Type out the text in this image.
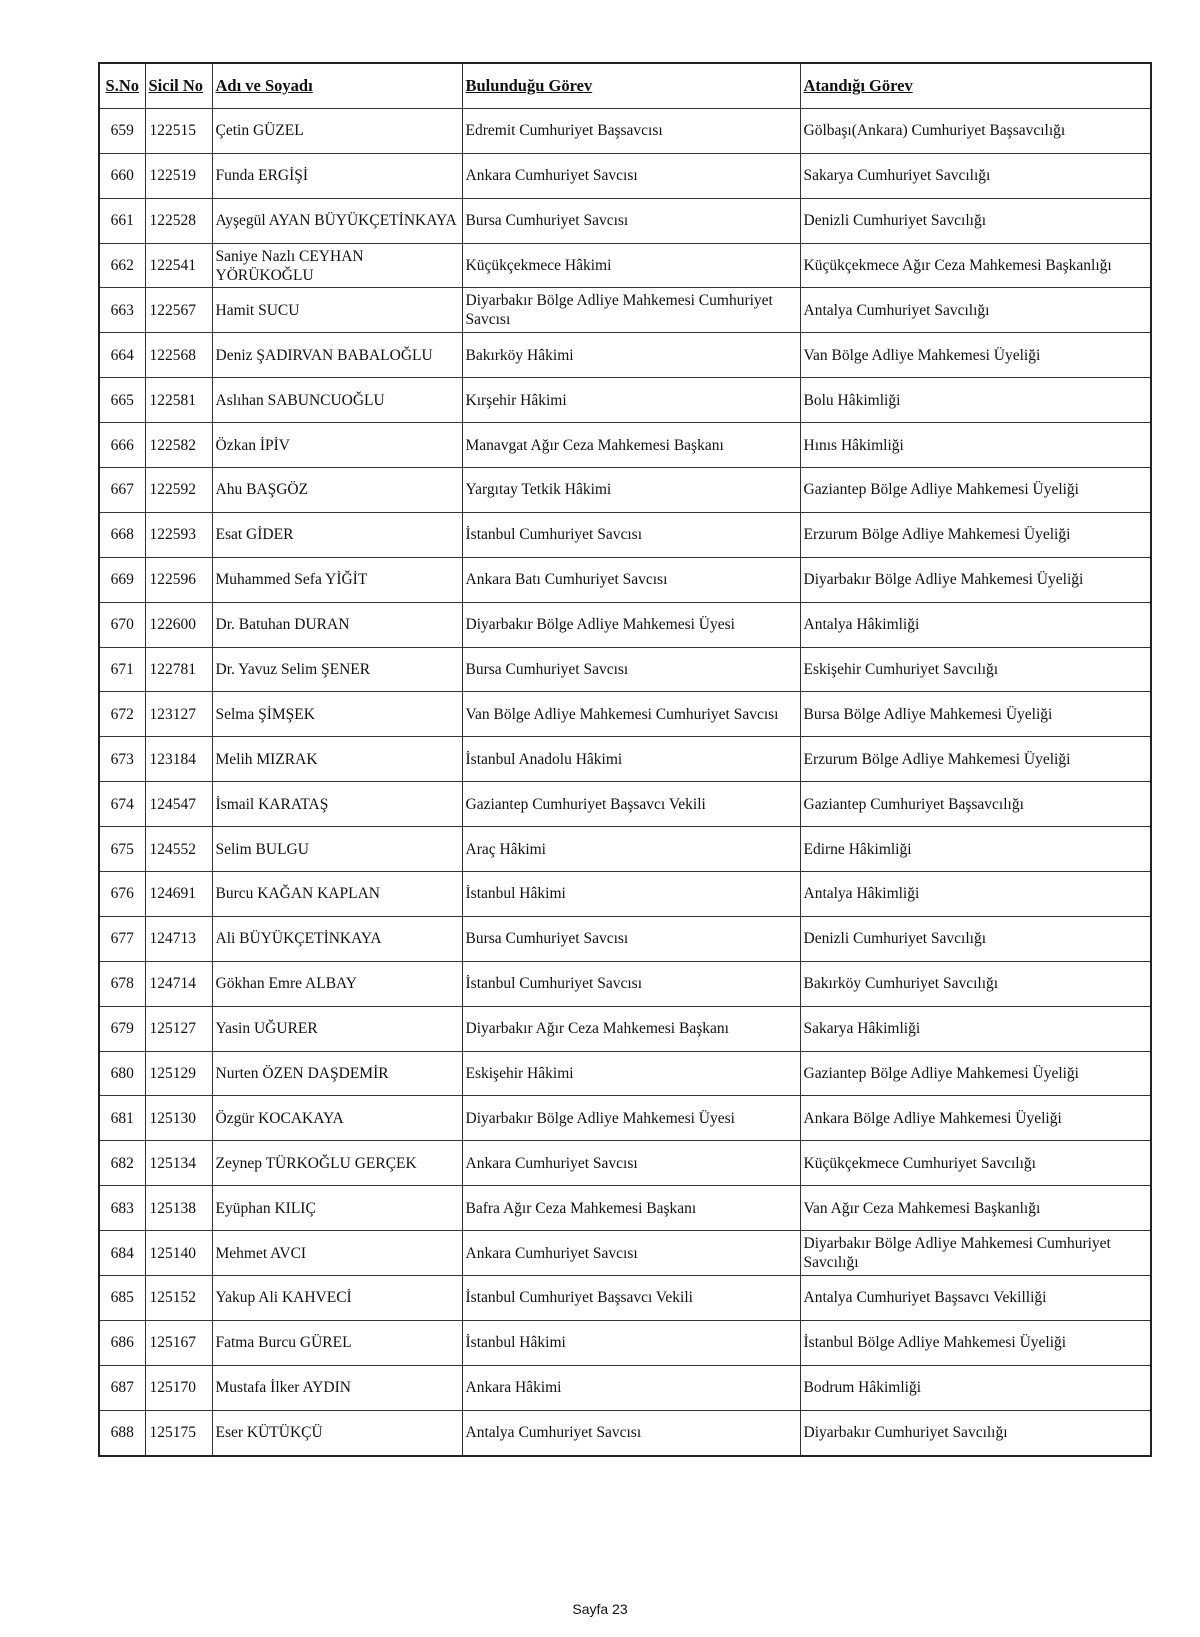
S.No	Sicil No	Adı ve Soyadı	Bulunduğu Görev	Atandığı Görev
659	122515	Çetin GÜZEL	Edremit Cumhuriyet Başsavcısı	Gölbaşı(Ankara) Cumhuriyet Başsavcılığı
660	122519	Funda ERGİŞİ	Ankara Cumhuriyet Savcısı	Sakarya Cumhuriyet Savcılığı
661	122528	Ayşegül AYAN BÜYÜKÇETİNKAYA	Bursa Cumhuriyet Savcısı	Denizli Cumhuriyet Savcılığı
662	122541	Saniye Nazlı CEYHAN YÖRÜKOĞLU	Küçükçekmece Hâkimi	Küçükçekmece Ağır Ceza Mahkemesi Başkanlığı
663	122567	Hamit SUCU	Diyarbakır Bölge Adliye Mahkemesi Cumhuriyet Savcısı	Antalya Cumhuriyet Savcılığı
664	122568	Deniz ŞADIRVAN BABALOĞLU	Bakırköy Hâkimi	Van Bölge Adliye Mahkemesi Üyeliği
665	122581	Aslıhan SABUNCUOĞLU	Kırşehir Hâkimi	Bolu Hâkimliği
666	122582	Özkan İPİV	Manavgat Ağır Ceza Mahkemesi Başkanı	Hınıs Hâkimliği
667	122592	Ahu BAŞGÖZ	Yargıtay Tetkik Hâkimi	Gaziantep Bölge Adliye Mahkemesi Üyeliği
668	122593	Esat GİDER	İstanbul Cumhuriyet Savcısı	Erzurum Bölge Adliye Mahkemesi Üyeliği
669	122596	Muhammed Sefa YİĞİT	Ankara Batı Cumhuriyet Savcısı	Diyarbakır Bölge Adliye Mahkemesi Üyeliği
670	122600	Dr. Batuhan DURAN	Diyarbakır Bölge Adliye Mahkemesi Üyesi	Antalya Hâkimliği
671	122781	Dr. Yavuz Selim ŞENER	Bursa Cumhuriyet Savcısı	Eskişehir Cumhuriyet Savcılığı
672	123127	Selma ŞİMŞEK	Van Bölge Adliye Mahkemesi Cumhuriyet Savcısı	Bursa Bölge Adliye Mahkemesi Üyeliği
673	123184	Melih MIZRAK	İstanbul Anadolu Hâkimi	Erzurum Bölge Adliye Mahkemesi Üyeliği
674	124547	İsmail KARATAŞ	Gaziantep Cumhuriyet Başsavcı Vekili	Gaziantep Cumhuriyet Başsavcılığı
675	124552	Selim BULGU	Araç Hâkimi	Edirne Hâkimliği
676	124691	Burcu KAĞAN KAPLAN	İstanbul Hâkimi	Antalya Hâkimliği
677	124713	Ali BÜYÜKÇETİNKAYA	Bursa Cumhuriyet Savcısı	Denizli Cumhuriyet Savcılığı
678	124714	Gökhan Emre ALBAY	İstanbul Cumhuriyet Savcısı	Bakırköy Cumhuriyet Savcılığı
679	125127	Yasin UĞURER	Diyarbakır Ağır Ceza Mahkemesi Başkanı	Sakarya Hâkimliği
680	125129	Nurten ÖZEN DAŞDEMİR	Eskişehir Hâkimi	Gaziantep Bölge Adliye Mahkemesi Üyeliği
681	125130	Özgür KOCAKAYA	Diyarbakır Bölge Adliye Mahkemesi Üyesi	Ankara Bölge Adliye Mahkemesi Üyeliği
682	125134	Zeynep TÜRKOĞLU GERÇEK	Ankara Cumhuriyet Savcısı	Küçükçekmece Cumhuriyet Savcılığı
683	125138	Eyüphan KILIÇ	Bafra Ağır Ceza Mahkemesi Başkanı	Van Ağır Ceza Mahkemesi Başkanlığı
684	125140	Mehmet AVCI	Ankara Cumhuriyet Savcısı	Diyarbakır Bölge Adliye Mahkemesi Cumhuriyet Savcılığı
685	125152	Yakup Ali KAHVECİ	İstanbul Cumhuriyet Başsavcı Vekili	Antalya Cumhuriyet Başsavcı Vekilliği
686	125167	Fatma Burcu GÜREL	İstanbul Hâkimi	İstanbul Bölge Adliye Mahkemesi Üyeliği
687	125170	Mustafa İlker AYDIN	Ankara Hâkimi	Bodrum Hâkimliği
688	125175	Eser KÜTÜKÇÜ	Antalya Cumhuriyet Savcısı	Diyarbakır Cumhuriyet Savcılığı
Sayfa 23
